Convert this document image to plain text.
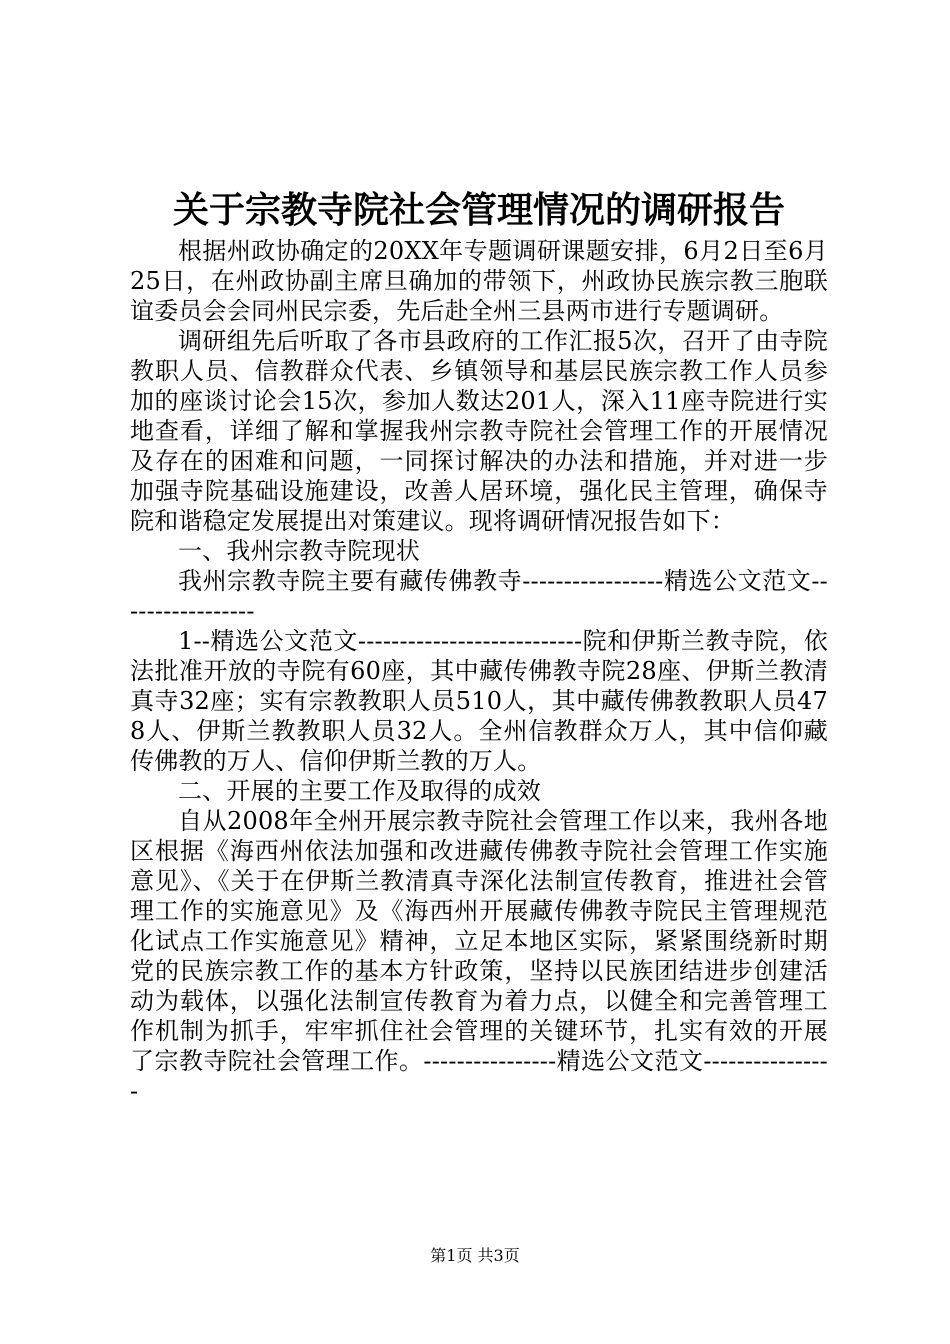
关于宗教寺院社会管理情况的调研报告

根据州政协确定的20XX年专题调研课题安排，6月2日至6月25日，在州政协副主席旦确加的带领下，州政协民族宗教三胞联谊委员会会同州民宗委，先后赴全州三县两市进行专题调研。

调研组先后听取了各市县政府的工作汇报5次，召开了由寺院教职人员、信教群众代表、乡镇领导和基层民族宗教工作人员参加的座谈讨论会15次，参加人数达201人，深入11座寺院进行实地查看，详细了解和掌握我州宗教寺院社会管理工作的开展情况及存在的困难和问题，一同探讨解决的办法和措施，并对进一步加强寺院基础设施建设，改善人居环境，强化民主管理，确保寺院和谐稳定发展提出对策建议。现将调研情况报告如下：

一、我州宗教寺院现状

我州宗教寺院主要有藏传佛教寺-----------------精选公文范文-----------------

1--精选公文范文---------------------------院和伊斯兰教寺院，依法批准开放的寺院有60座，其中藏传佛教寺院28座、伊斯兰教清真寺32座；实有宗教教职人员510人，其中藏传佛教教职人员478人、伊斯兰教教职人员32人。全州信教群众万人，其中信仰藏传佛教的万人、信仰伊斯兰教的万人。

二、开展的主要工作及取得的成效

自从2008年全州开展宗教寺院社会管理工作以来，我州各地区根据《海西州依法加强和改进藏传佛教寺院社会管理工作实施意见》、《关于在伊斯兰教清真寺深化法制宣传教育，推进社会管理工作的实施意见》及《海西州开展藏传佛教寺院民主管理规范化试点工作实施意见》精神，立足本地区实际，紧紧围绕新时期党的民族宗教工作的基本方针政策，坚持以民族团结进步创建活动为载体，以强化法制宣传教育为着力点，以健全和完善管理工作机制为抓手，牢牢抓住社会管理的关键环节，扎实有效的开展了宗教寺院社会管理工作。----------------精选公文范文----------------

第1页 共3页
